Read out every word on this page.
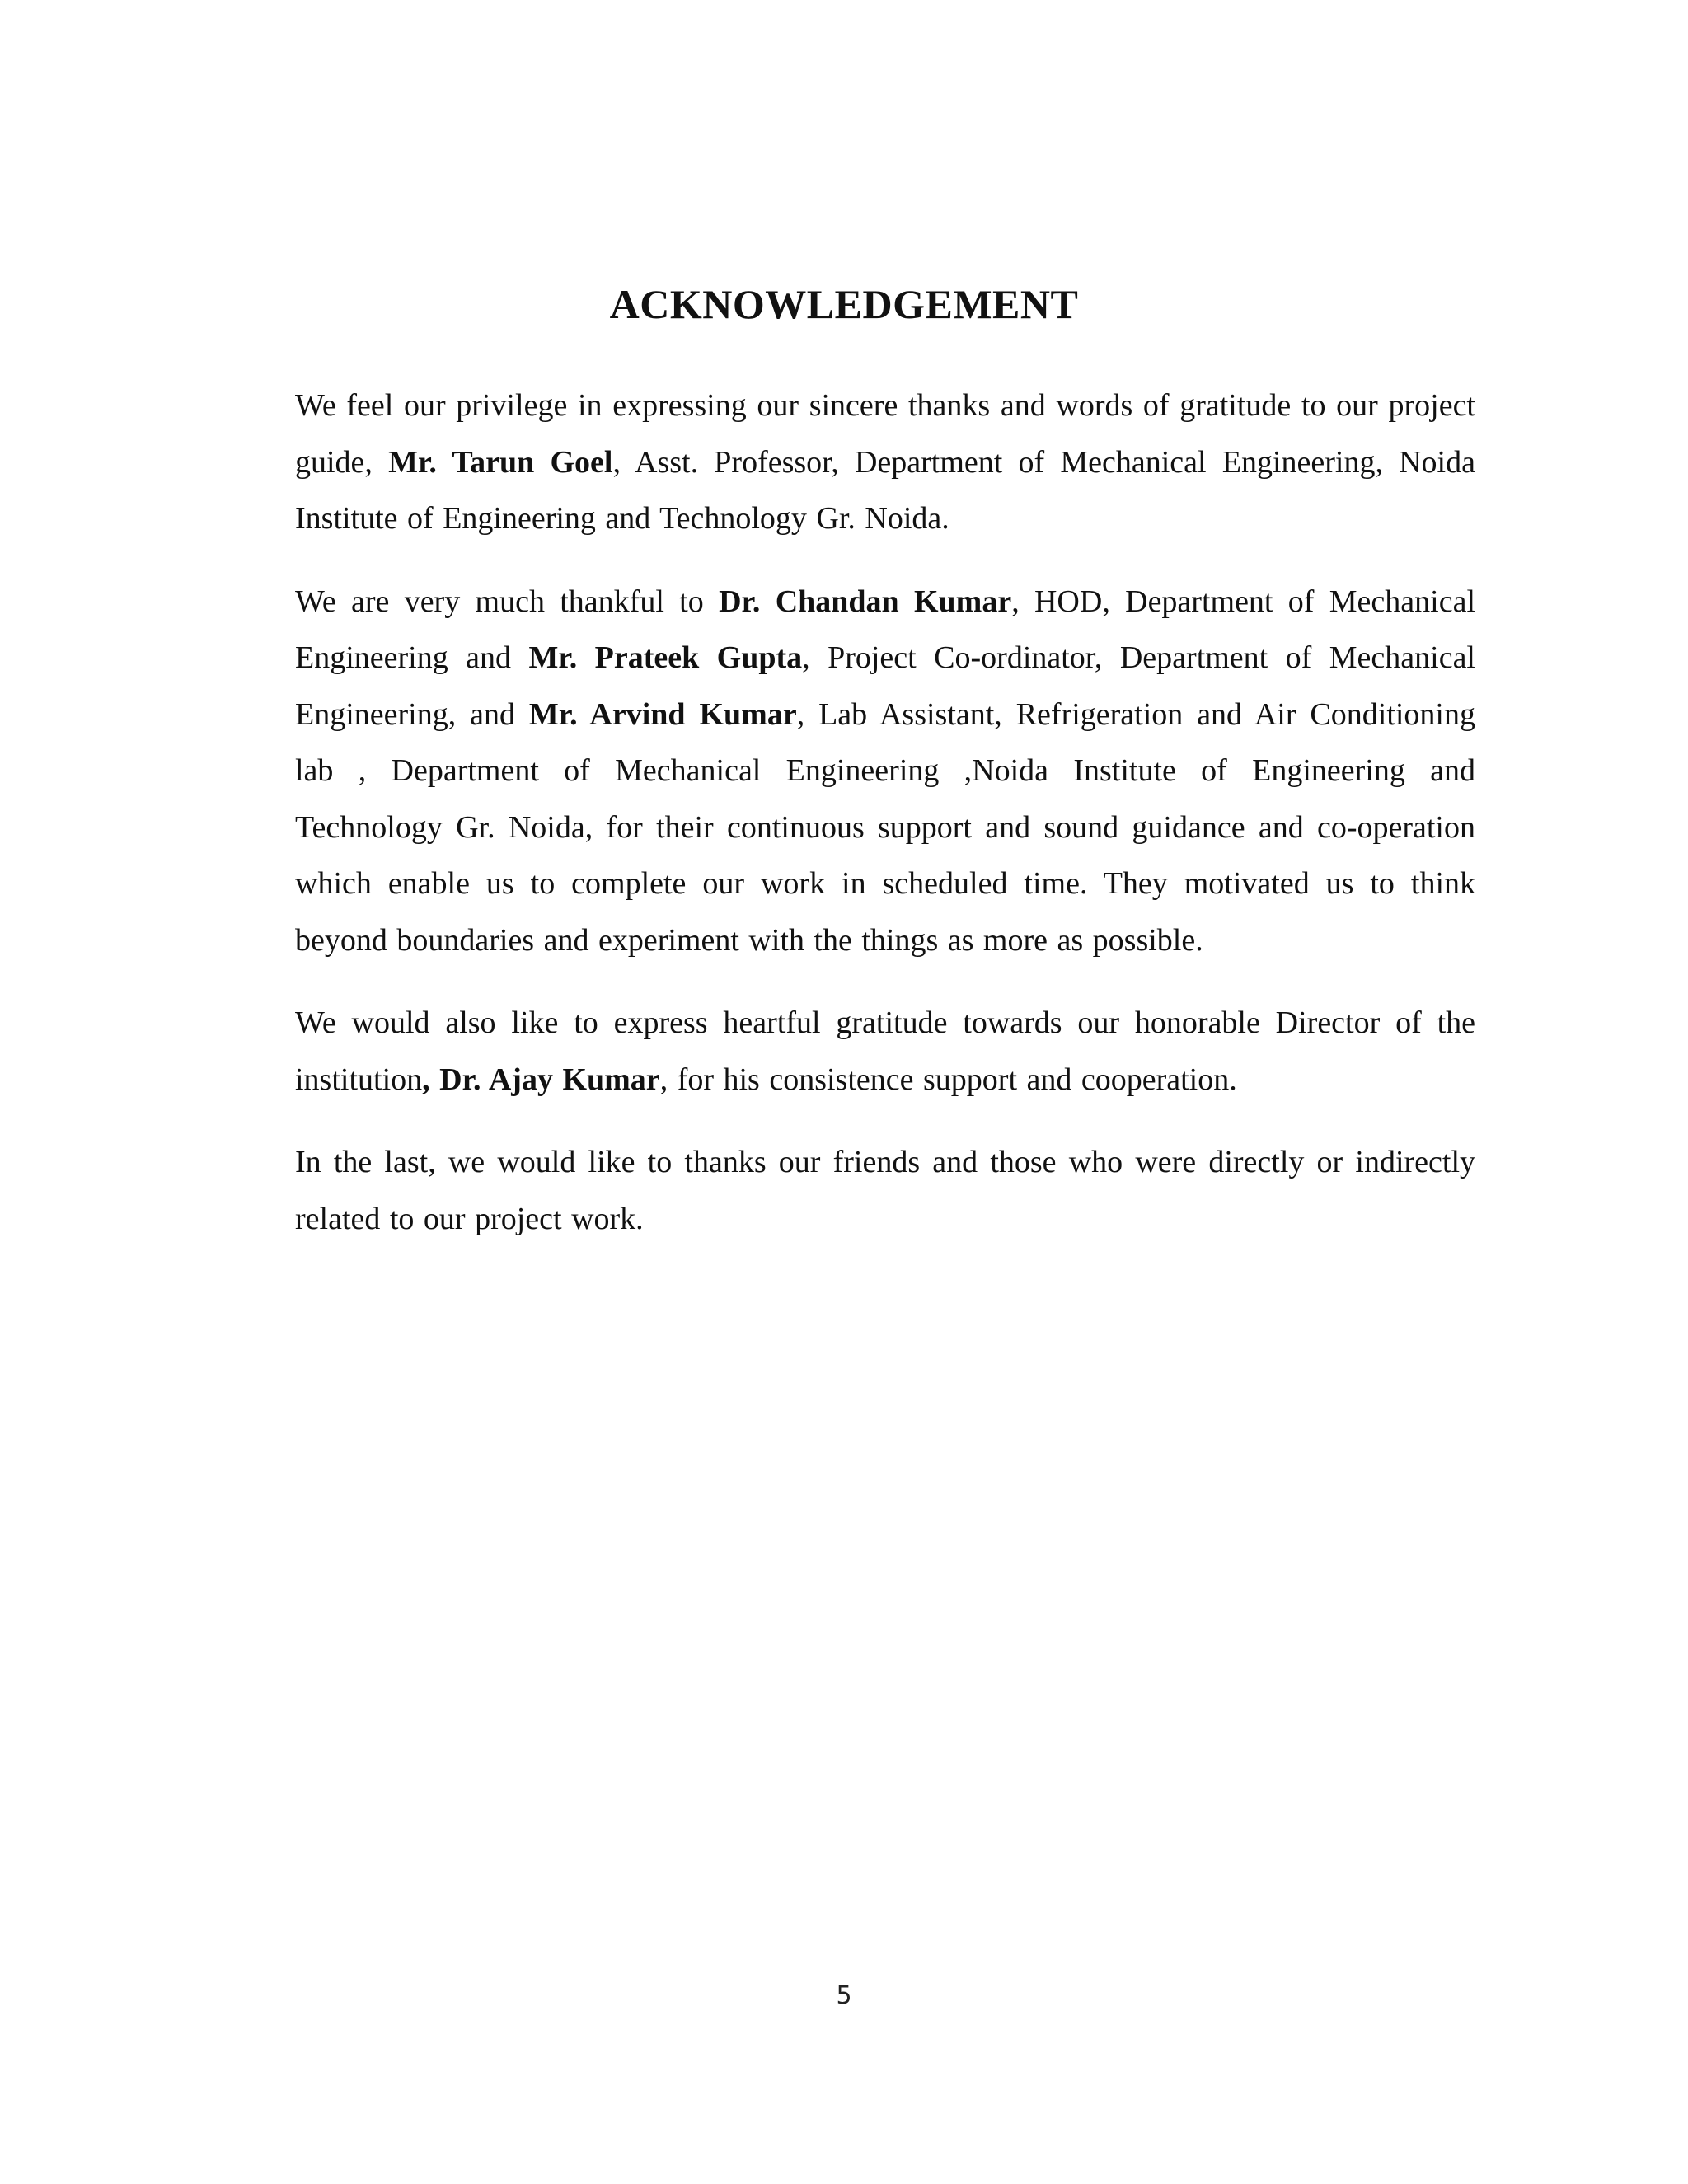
ACKNOWLEDGEMENT

We feel our privilege in expressing our sincere thanks and words of gratitude to our project guide, Mr. Tarun Goel, Asst. Professor, Department of Mechanical Engineering, Noida Institute of Engineering and Technology Gr. Noida.

We are very much thankful to Dr. Chandan Kumar, HOD, Department of Mechanical Engineering and Mr. Prateek Gupta, Project Co-ordinator, Department of Mechanical Engineering, and Mr. Arvind Kumar, Lab Assistant, Refrigeration and Air Conditioning lab , Department of Mechanical Engineering ,Noida Institute of Engineering and Technology Gr. Noida, for their continuous support and sound guidance and co-operation which enable us to complete our work in scheduled time. They motivated us to think beyond boundaries and experiment with the things as more as possible.

We would also like to express heartful gratitude towards our honorable Director of the institution, Dr. Ajay Kumar, for his consistence support and cooperation.

In the last, we would like to thanks our friends and those who were directly or indirectly related to our project work.

5
